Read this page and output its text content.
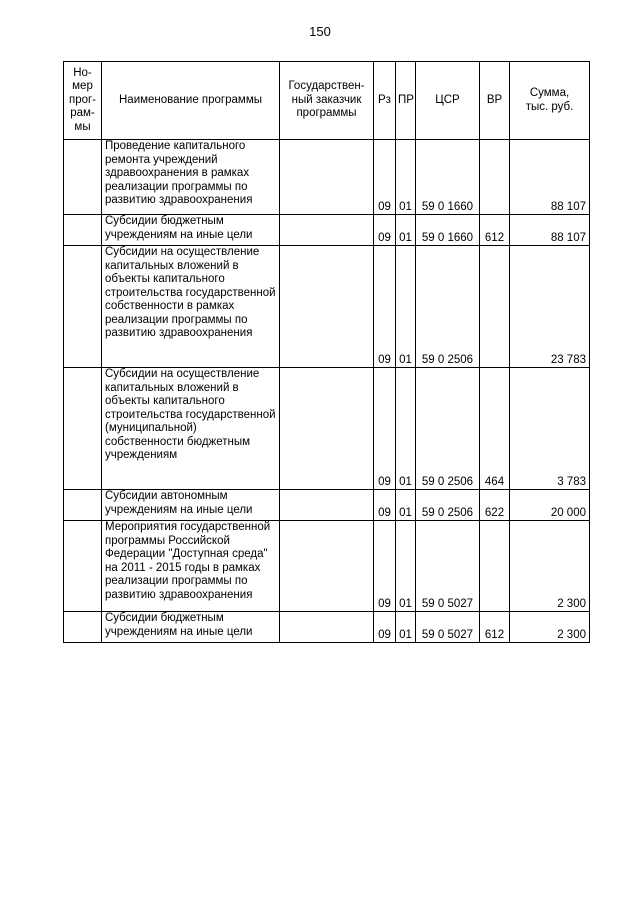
150
Но-
мер
прог-
рам-
мы	Наименование программы	Государствен-
ный заказчик
программы	Рз	ПР	ЦСР	ВР	Сумма,
тыс. руб.
	Проведение капитального ремонта учреждений здравоохранения в рамках реализации программы по развитию здравоохранения		09	01	59 0 1660		88 107
	Субсидии бюджетным учреждениям на иные цели		09	01	59 0 1660	612	88 107
	Субсидии на осуществление капитальных вложений в объекты капитального строительства государственной собственности в рамках реализации программы по развитию здравоохранения		09	01	59 0 2506		23 783
	Субсидии на осуществление капитальных вложений в объекты капитального строительства государственной (муниципальной) собственности бюджетным учреждениям		09	01	59 0 2506	464	3 783
	Субсидии автономным учреждениям на иные цели		09	01	59 0 2506	622	20 000
	Мероприятия государственной программы Российской Федерации "Доступная среда" на 2011 - 2015 годы в рамках реализации программы по развитию здравоохранения		09	01	59 0 5027		2 300
	Субсидии бюджетным учреждениям на иные цели		09	01	59 0 5027	612	2 300
